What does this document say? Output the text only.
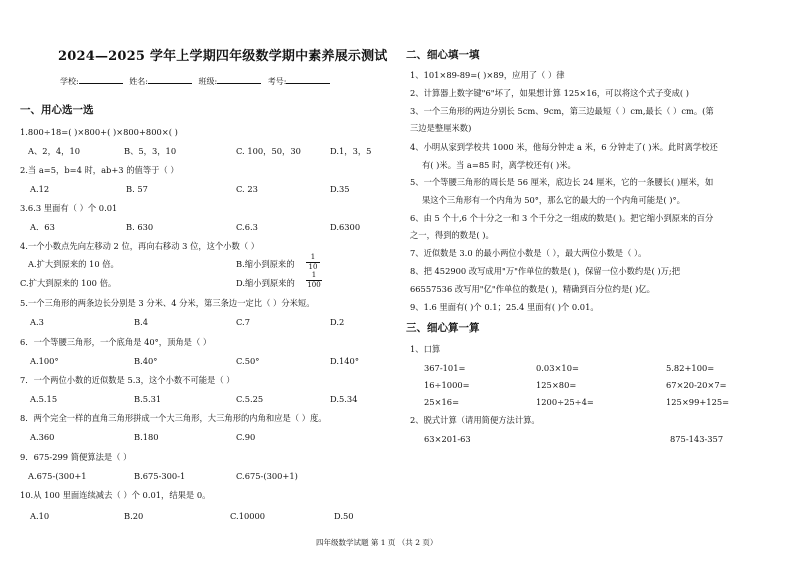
2024—2025 学年上学期四年级数学期中素养展示测试
学校:	姓名:	班级:	考号:
一、用心选一选
1.800÷18=( )×800+( )×800+800×( )
A、2，4，10	B、5，3，10	C. 100，50，30	D.1，3，5
2.当 a=5，b=4 时，ab+3 的值等于（ ）
A.12	B. 57	C. 23	D.35
3.6.3 里面有（ ）个 0.01
A．63	B. 630	C.6.3	D.6300
4.一个小数点先向左移动 2 位，再向右移动 3 位，这个小数（ ）
A.扩大到原来的 10 倍。	B.缩小到原来的 $\frac{1}{10}$
C.扩大到原来的 100 倍。	D.缩小到原来的 $\frac{1}{100}$
5.一个三角形的两条边长分别是 3 分米、4 分米，第三条边一定比（ ）分米短。
A.3	B.4	C.7	D.2
6．一个等腰三角形，一个底角是 40°，顶角是（ ）
A.100°	B.40°	C.50°	D.140°
7．一个两位小数的近似数是 5.3，这个小数不可能是（ ）
A.5.15	B.5.31	C.5.25	D.5.34
8．两个完全一样的直角三角形拼成一个大三角形，大三角形的内角和应是（ ）度。
A.360	B.180	C.90
9．675-299 简便算法是（ ）
A.675-(300+1	B.675-300-1	C.675-(300+1)
10.从 100 里面连续减去（ ）个 0.01，结果是 0。
A.10	B.20	C.10000	D.50
二、细心填一填
1、101×89-89=( )×89，应用了（ ）律
2、计算器上数字键"6"坏了，如果想计算 125×16，可以将这个式子变成( )
3、一个三角形的两边分别长 5cm、9cm，第三边最短（ ）cm,最长（ ）cm。(第
三边是整厘米数)
4、小明从家到学校共 1000 米，他每分钟走 a 米，6 分钟走了( )米。此时离学校还
有( )米。当 a=85 时，离学校还有( )米。
5、一个等腰三角形的周长是 56 厘米，底边长 24 厘米，它的一条腰长( )厘米，如
果这个三角形有一个内角为 50°，那么它的最大的一个内角可能是( )°。
6、由 5 个十,6 个十分之一和 3 个千分之一组成的数是( )。把它缩小到原来的百分
之一，得到的数是( )。
7、近似数是 3.0 的最小两位小数是（ ），最大两位小数是（ ）。
8、把 452900 改写成用"万"作单位的数是( )，保留一位小数约是( )万;把
66557536 改写用"亿"作单位的数是( )，精确到百分位约是( )亿。
9、1.6 里面有( )个 0.1；25.4 里面有( )个 0.01。
三、细心算一算
1、口算
367-101=	0.03×10=	5.82+100=
16÷1000=	125×80=	67×20-20×7=
25×16=	1200÷25÷4=	125×99+125=
2、脱式计算（请用简便方法计算。
63×201-63	875-143-357
四年级数学试题 第 1 页 （共 2 页）
